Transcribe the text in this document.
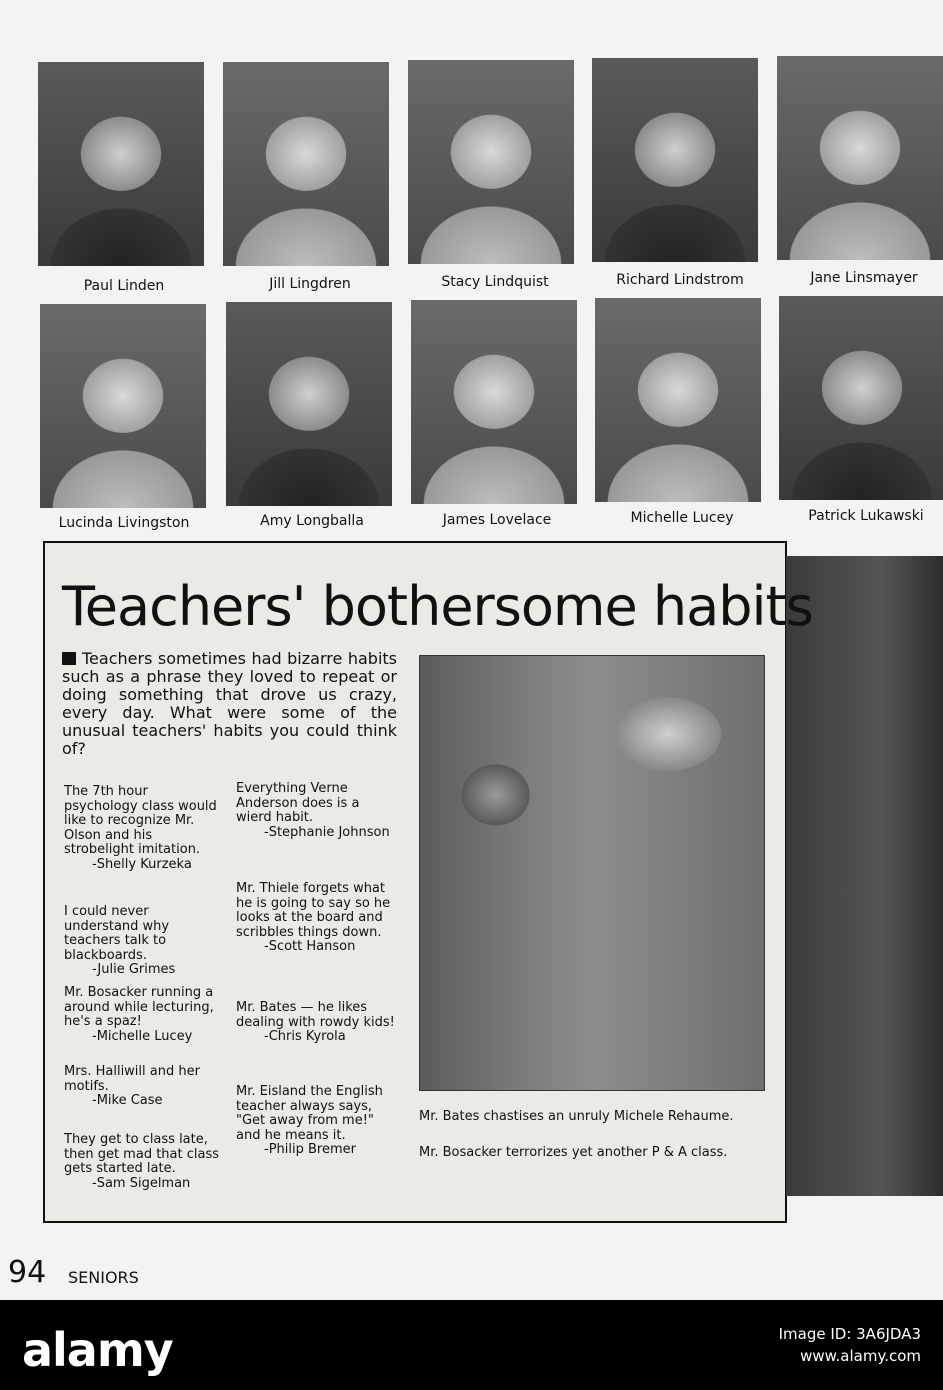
Paul Linden	Jill Lingdren	Stacy Lindquist	Richard Lindstrom	Jane Linsmayer
Lucinda Livingston	Amy Longballa	James Lovelace	Michelle Lucey	Patrick Lukawski
Teachers' bothersome habits
Teachers sometimes had bizarre habits such as a phrase they loved to repeat or doing something that drove us crazy, every day. What were some of the unusual teachers' habits you could think of?
The 7th hour psychology class would like to recognize Mr. Olson and his strobelight imitation.
-Shelly Kurzeka
I could never understand why teachers talk to blackboards.
-Julie Grimes
Mr. Bosacker running a around while lecturing, he's a spaz!
-Michelle Lucey
Mrs. Halliwill and her motifs.
-Mike Case
They get to class late, then get mad that class gets started late.
-Sam Sigelman
Everything Verne Anderson does is a wierd habit.
-Stephanie Johnson
Mr. Thiele forgets what he is going to say so he looks at the board and scribbles things down.
-Scott Hanson
Mr. Bates — he likes dealing with rowdy kids!
-Chris Kyrola
Mr. Eisland the English teacher always says, "Get away from me!" and he means it.
-Philip Bremer
Mr. Bates chastises an unruly Michele Rehaume.
Mr. Bosacker terrorizes yet another P & A class.
94 SENIORS
alamy	Image ID: 3A6JDA3
www.alamy.com
